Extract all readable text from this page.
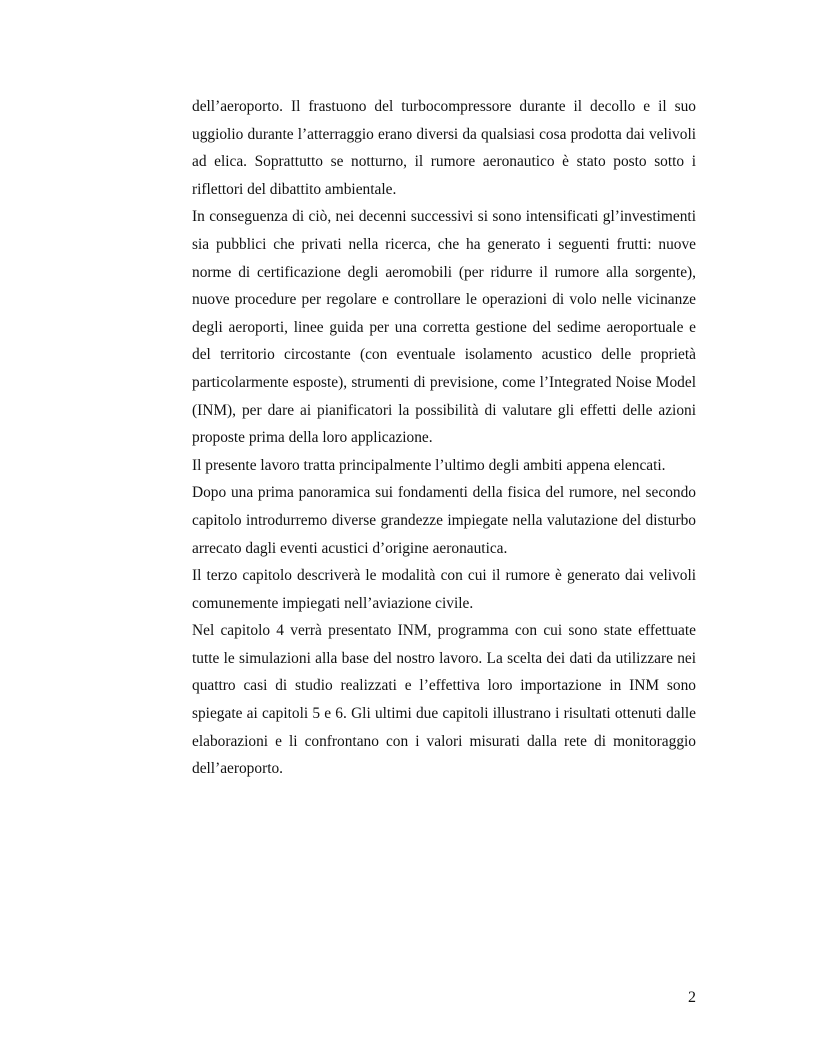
dell’aeroporto. Il frastuono del turbocompressore durante il decollo e il suo uggiolio durante l’atterraggio erano diversi da qualsiasi cosa prodotta dai velivoli ad elica. Soprattutto se notturno, il rumore aeronautico è stato posto sotto i riflettori del dibattito ambientale.

In conseguenza di ciò, nei decenni successivi si sono intensificati gl’investimenti sia pubblici che privati nella ricerca, che ha generato i seguenti frutti: nuove norme di certificazione degli aeromobili (per ridurre il rumore alla sorgente), nuove procedure per regolare e controllare le operazioni di volo nelle vicinanze degli aeroporti, linee guida per una corretta gestione del sedime aeroportuale e del territorio circostante (con eventuale isolamento acustico delle proprietà particolarmente esposte), strumenti di previsione, come l’Integrated Noise Model (INM), per dare ai pianificatori la possibilità di valutare gli effetti delle azioni proposte prima della loro applicazione.

Il presente lavoro tratta principalmente l’ultimo degli ambiti appena elencati.

Dopo una prima panoramica sui fondamenti della fisica del rumore, nel secondo capitolo introdurremo diverse grandezze impiegate nella valutazione del disturbo arrecato dagli eventi acustici d’origine aeronautica.

Il terzo capitolo descriverà le modalità con cui il rumore è generato dai velivoli comunemente impiegati nell’aviazione civile.

Nel capitolo 4 verrà presentato INM, programma con cui sono state effettuate tutte le simulazioni alla base del nostro lavoro. La scelta dei dati da utilizzare nei quattro casi di studio realizzati e l’effettiva loro importazione in INM sono spiegate ai capitoli 5 e 6. Gli ultimi due capitoli illustrano i risultati ottenuti dalle elaborazioni e li confrontano con i valori misurati dalla rete di monitoraggio dell’aeroporto.

2
